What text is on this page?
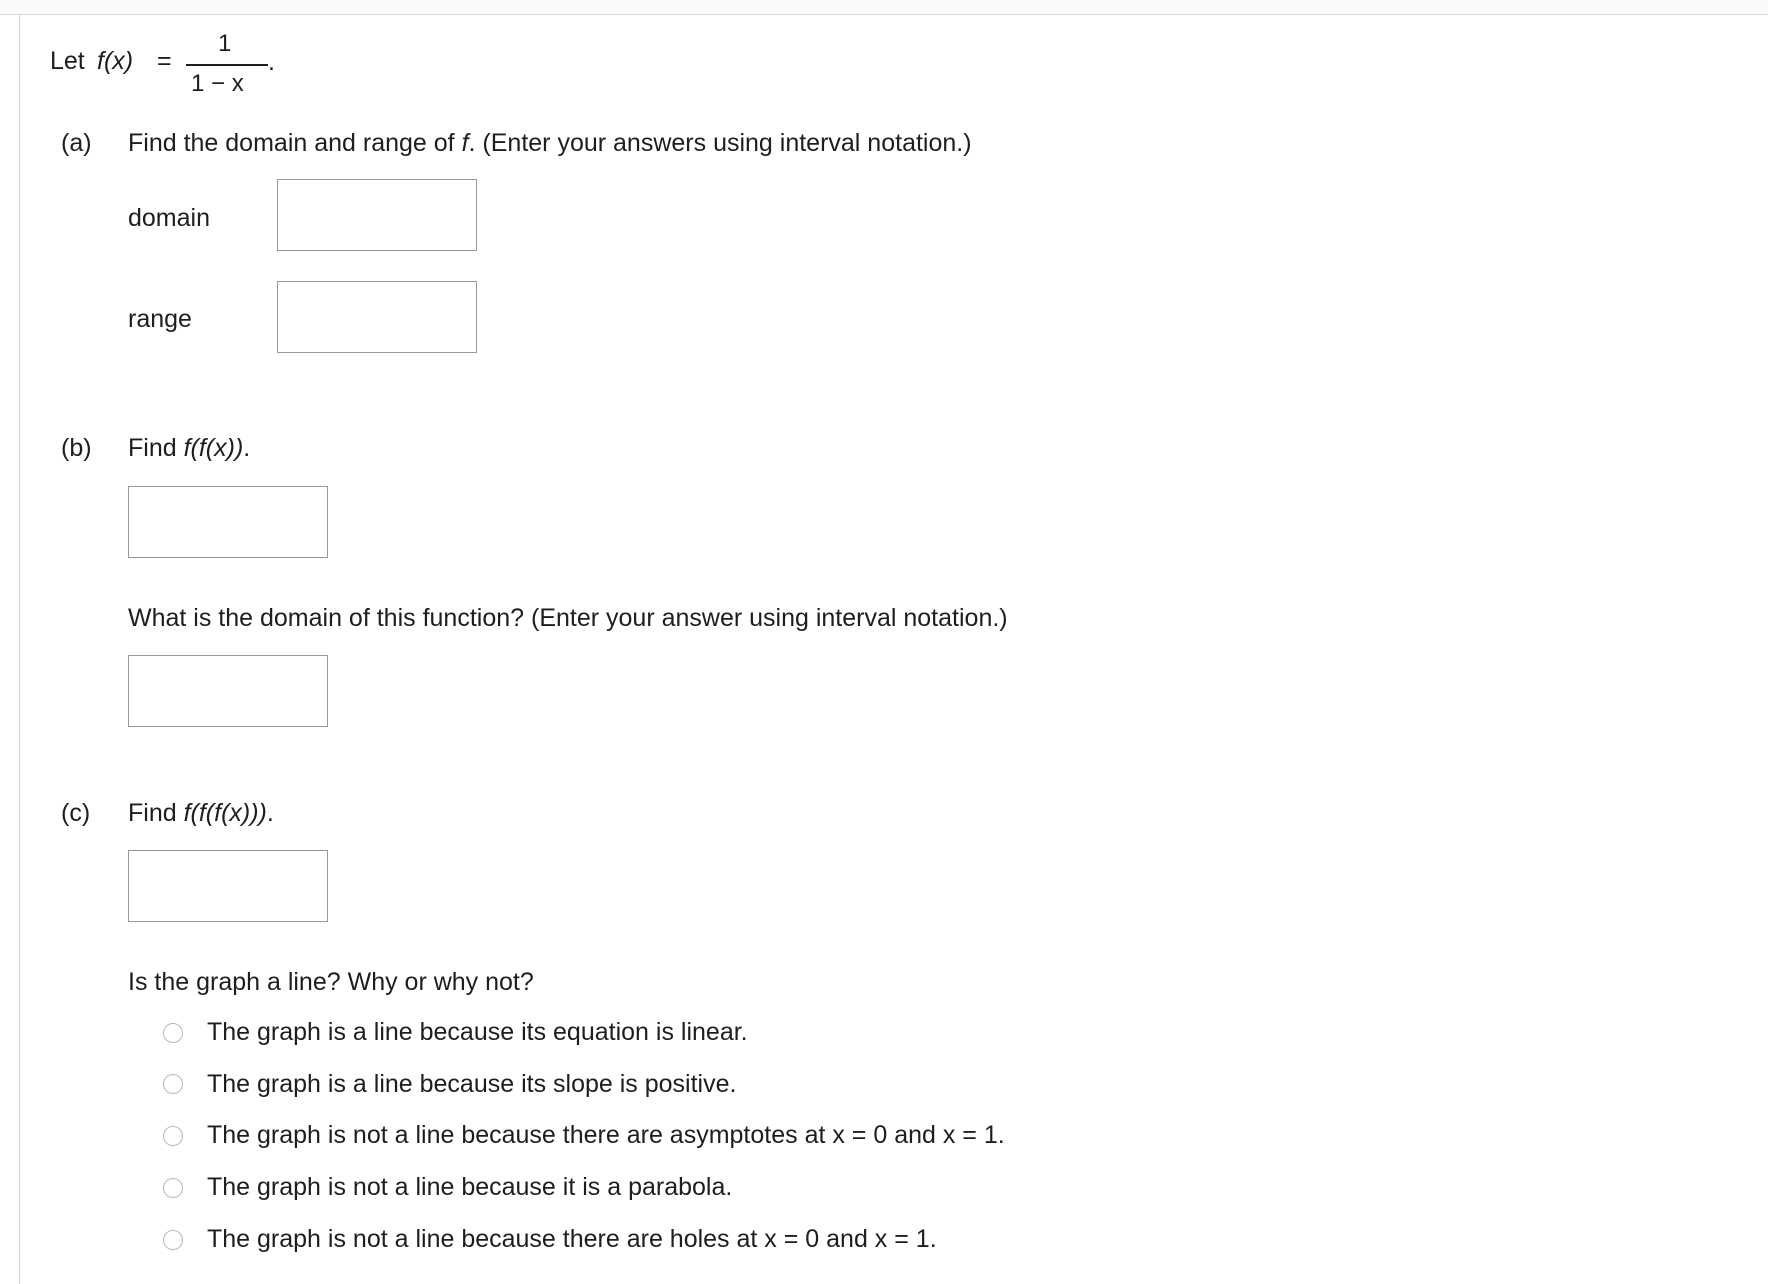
Let f(x) =
1
1 − x
.
(a) Find the domain and range of f. (Enter your answers using interval notation.)
domain
range
(b) Find f(f(x)).
What is the domain of this function? (Enter your answer using interval notation.)
(c) Find f(f(f(x))).
Is the graph a line? Why or why not?
The graph is a line because its equation is linear.
The graph is a line because its slope is positive.
The graph is not a line because there are asymptotes at x = 0 and x = 1.
The graph is not a line because it is a parabola.
The graph is not a line because there are holes at x = 0 and x = 1.
